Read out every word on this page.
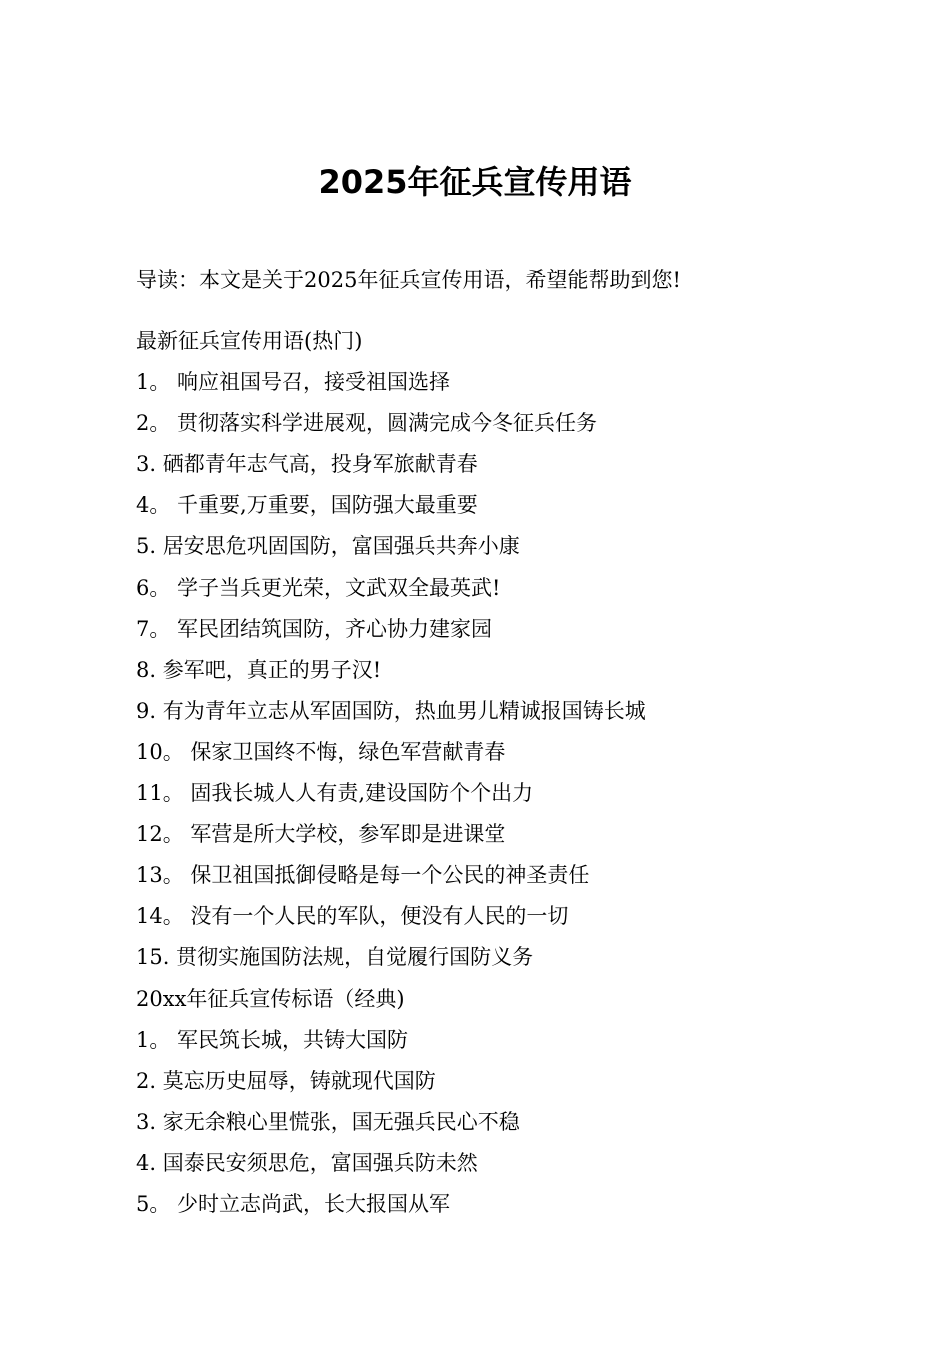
2025年征兵宣传用语
导读：本文是关于2025年征兵宣传用语，希望能帮助到您!
最新征兵宣传用语(热门)
1。 响应祖国号召，接受祖国选择
2。 贯彻落实科学进展观，圆满完成今冬征兵任务
3. 硒都青年志气高，投身军旅献青春
4。 千重要,万重要，国防强大最重要
5. 居安思危巩固国防，富国强兵共奔小康
6。 学子当兵更光荣，文武双全最英武!
7。 军民团结筑国防，齐心协力建家园
8. 参军吧，真正的男子汉!
9. 有为青年立志从军固国防，热血男儿精诚报国铸长城
10。 保家卫国终不悔，绿色军营献青春
11。 固我长城人人有责,建设国防个个出力
12。 军营是所大学校，参军即是进课堂
13。 保卫祖国抵御侵略是每一个公民的神圣责任
14。 没有一个人民的军队，便没有人民的一切
15. 贯彻实施国防法规，自觉履行国防义务
20xx年征兵宣传标语（经典)
1。 军民筑长城，共铸大国防
2. 莫忘历史屈辱，铸就现代国防
3. 家无余粮心里慌张，国无强兵民心不稳
4. 国泰民安须思危，富国强兵防未然
5。 少时立志尚武，长大报国从军
